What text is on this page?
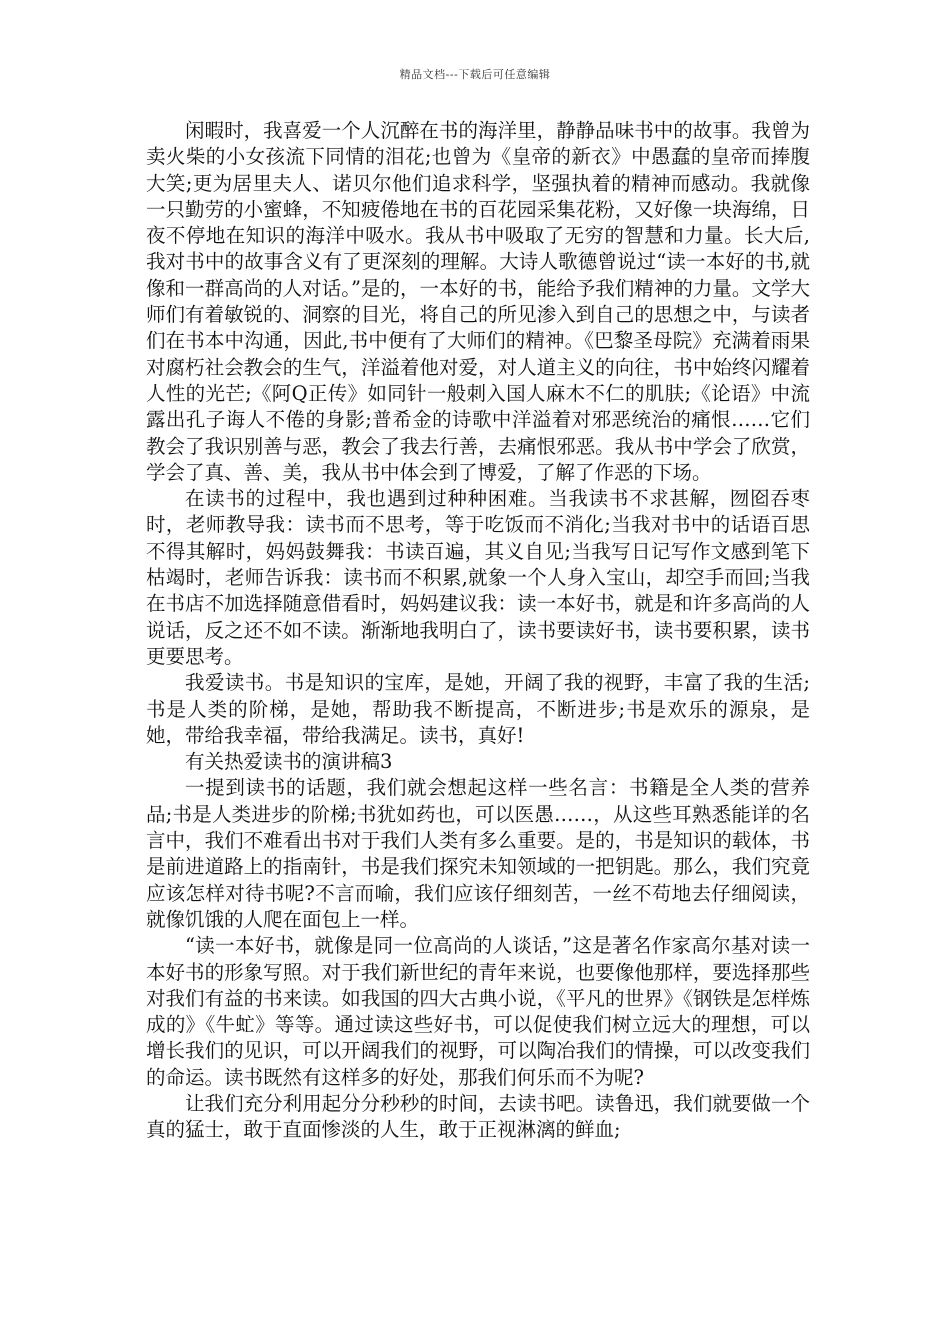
精品文档---下载后可任意编辑

闲暇时，我喜爱一个人沉醉在书的海洋里，静静品味书中的故事。我曾为卖火柴的小女孩流下同情的泪花;也曾为《皇帝的新衣》中愚蠢的皇帝而捧腹大笑;更为居里夫人、诺贝尔他们追求科学，坚强执着的精神而感动。我就像一只勤劳的小蜜蜂，不知疲倦地在书的百花园采集花粉，又好像一块海绵，日夜不停地在知识的海洋中吸水。我从书中吸取了无穷的智慧和力量。长大后,我对书中的故事含义有了更深刻的理解。大诗人歌德曾说过“读一本好的书,就像和一群高尚的人对话。”是的，一本好的书，能给予我们精神的力量。文学大师们有着敏锐的、洞察的目光，将自己的所见渗入到自己的思想之中，与读者们在书本中沟通，因此,书中便有了大师们的精神。《巴黎圣母院》充满着雨果对腐朽社会教会的生气，洋溢着他对爱，对人道主义的向往，书中始终闪耀着人性的光芒;《阿Q正传》如同针一般刺入国人麻木不仁的肌肤;《论语》中流露出孔子诲人不倦的身影;普希金的诗歌中洋溢着对邪恶统治的痛恨……它们教会了我识别善与恶，教会了我去行善，去痛恨邪恶。我从书中学会了欣赏，学会了真、善、美，我从书中体会到了博爱，了解了作恶的下场。

在读书的过程中，我也遇到过种种困难。当我读书不求甚解，囫囵吞枣时，老师教导我：读书而不思考，等于吃饭而不消化;当我对书中的话语百思不得其解时，妈妈鼓舞我：书读百遍，其义自见;当我写日记写作文感到笔下枯竭时，老师告诉我：读书而不积累,就象一个人身入宝山，却空手而回;当我在书店不加选择随意借看时，妈妈建议我：读一本好书，就是和许多高尚的人说话，反之还不如不读。渐渐地我明白了，读书要读好书，读书要积累，读书更要思考。

我爱读书。书是知识的宝库，是她，开阔了我的视野，丰富了我的生活;书是人类的阶梯，是她，帮助我不断提高，不断进步;书是欢乐的源泉，是她，带给我幸福，带给我满足。读书，真好!

有关热爱读书的演讲稿3

一提到读书的话题，我们就会想起这样一些名言：书籍是全人类的营养品;书是人类进步的阶梯;书犹如药也，可以医愚……，从这些耳熟悉能详的名言中，我们不难看出书对于我们人类有多么重要。是的，书是知识的载体，书是前进道路上的指南针，书是我们探究未知领域的一把钥匙。那么，我们究竟应该怎样对待书呢?不言而喻，我们应该仔细刻苦，一丝不苟地去仔细阅读，就像饥饿的人爬在面包上一样。

“读一本好书，就像是同一位高尚的人谈话，”这是著名作家高尔基对读一本好书的形象写照。对于我们新世纪的青年来说，也要像他那样，要选择那些对我们有益的书来读。如我国的四大古典小说，《平凡的世界》《钢铁是怎样炼成的》《牛虻》等等。通过读这些好书，可以促使我们树立远大的理想，可以增长我们的见识，可以开阔我们的视野，可以陶冶我们的情操，可以改变我们的命运。读书既然有这样多的好处，那我们何乐而不为呢?

让我们充分利用起分分秒秒的时间，去读书吧。读鲁迅，我们就要做一个真的猛士，敢于直面惨淡的人生，敢于正视淋漓的鲜血;
